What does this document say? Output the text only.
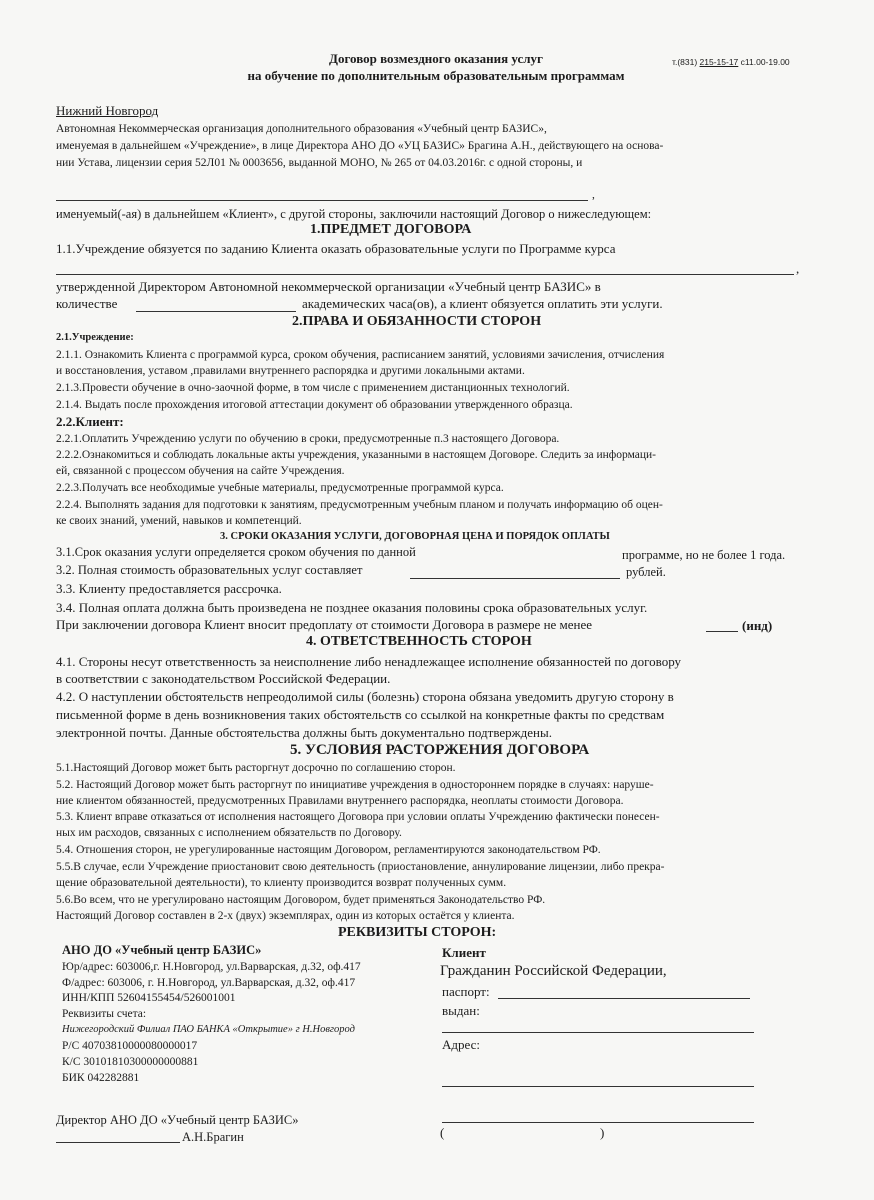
Договор возмездного оказания услуг
на обучение по дополнительным образовательным программам
т.(831) 215-15-17 с11.00-19.00
Нижний Новгород
Автономная Некоммерческая организация дополнительного образования «Учебный центр БАЗИС»,
именуемая в дальнейшем «Учреждение», в лице Директора АНО ДО «УЦ БАЗИС» Брагина А.Н., действующего на основа-
нии Устава, лицензии серия 52Л01 № 0003656, выданной МОНО, № 265 от 04.03.2016г. с одной стороны, и
,
именуемый(-ая) в дальнейшем «Клиент», с другой стороны, заключили настоящий Договор о нижеследующем:
1.ПРЕДМЕТ ДОГОВОРА
1.1.Учреждение обязуется по заданию Клиента оказать образовательные услуги по Программе курса
,
утвержденной Директором Автономной некоммерческой организации «Учебный центр БАЗИС» в
количестве	академических часа(ов), а клиент обязуется оплатить эти услуги.
2.ПРАВА И ОБЯЗАННОСТИ СТОРОН
2.1.Учреждение:
2.1.1. Ознакомить Клиента с программой курса, сроком обучения, расписанием занятий, условиями зачисления, отчисления
и восстановления, уставом ,правилами внутреннего распорядка и другими локальными актами.
2.1.3.Провести обучение в очно-заочной форме, в том числе с применением дистанционных технологий.
2.1.4. Выдать после прохождения итоговой аттестации документ об образовании утвержденного образца.
2.2.Клиент:
2.2.1.Оплатить Учреждению услуги по обучению в сроки, предусмотренные п.3 настоящего Договора.
2.2.2.Ознакомиться и соблюдать локальные акты учреждения, указанными в настоящем Договоре. Следить за информаци-
ей, связанной с процессом обучения на сайте Учреждения.
2.2.3.Получать все необходимые учебные материалы, предусмотренные программой курса.
2.2.4. Выполнять задания для подготовки к занятиям, предусмотренным учебным планом и получать информацию об оцен-
ке своих знаний, умений, навыков и компетенций.
3. СРОКИ ОКАЗАНИЯ УСЛУГИ, ДОГОВОРНАЯ ЦЕНА И ПОРЯДОК ОПЛАТЫ
3.1.Срок оказания услуги определяется сроком обучения по данной	программе, но не более 1 года.
3.2. Полная стоимость образовательных услуг составляет	рублей.
3.3. Клиенту предоставляется рассрочка.
3.4. Полная оплата должна быть произведена не позднее оказания половины срока образовательных услуг.
При заключении договора Клиент вносит предоплату от стоимости Договора в размере не менее	(инд)
4. ОТВЕТСТВЕННОСТЬ СТОРОН
4.1. Стороны несут ответственность за неисполнение либо ненадлежащее исполнение обязанностей по договору
в соответствии с законодательством Российской Федерации.
4.2. О наступлении обстоятельств непреодолимой силы (болезнь) сторона обязана уведомить другую сторону в
письменной форме в день возникновения таких обстоятельств со ссылкой на конкретные факты по средствам
электронной почты. Данные обстоятельства должны быть документально подтверждены.
5. УСЛОВИЯ РАСТОРЖЕНИЯ ДОГОВОРА
5.1.Настоящий Договор может быть расторгнут досрочно по соглашению сторон.
5.2. Настоящий Договор может быть расторгнут по инициативе учреждения в одностороннем порядке в случаях: наруше-
ние клиентом обязанностей, предусмотренных Правилами внутреннего распорядка, неоплаты стоимости Договора.
5.3. Клиент вправе отказаться от исполнения настоящего Договора при условии оплаты Учреждению фактически понесен-
ных им расходов, связанных с исполнением обязательств по Договору.
5.4. Отношения сторон, не урегулированные настоящим Договором, регламентируются законодательством РФ.
5.5.В случае, если Учреждение приостановит свою деятельность (приостановление, аннулирование лицензии, либо прекра-
щение образовательной деятельности), то клиенту производится возврат полученных сумм.
5.6.Во всем, что не урегулировано настоящим Договором, будет применяться Законодательство РФ.
Настоящий Договор составлен в 2-х (двух) экземплярах, один из которых остаётся у клиента.
РЕКВИЗИТЫ СТОРОН:
АНО ДО «Учебный центр БАЗИС»
Юр/адрес: 603006,г. Н.Новгород, ул.Варварская, д.32, оф.417
Ф/адрес: 603006, г. Н.Новгород, ул.Варварская, д.32, оф.417
ИНН/КПП 52604155454/526001001
Реквизиты счета:
Нижегородский Филиал ПАО БАНКА «Открытие» г Н.Новгород
Р/С 40703810000080000017
К/С 30101810300000000881
БИК 042282881
Директор АНО ДО «Учебный центр БАЗИС»
А.Н.Брагин
Клиент
Гражданин Российской Федерации,
паспорт:
выдан:
Адрес:
(	)
